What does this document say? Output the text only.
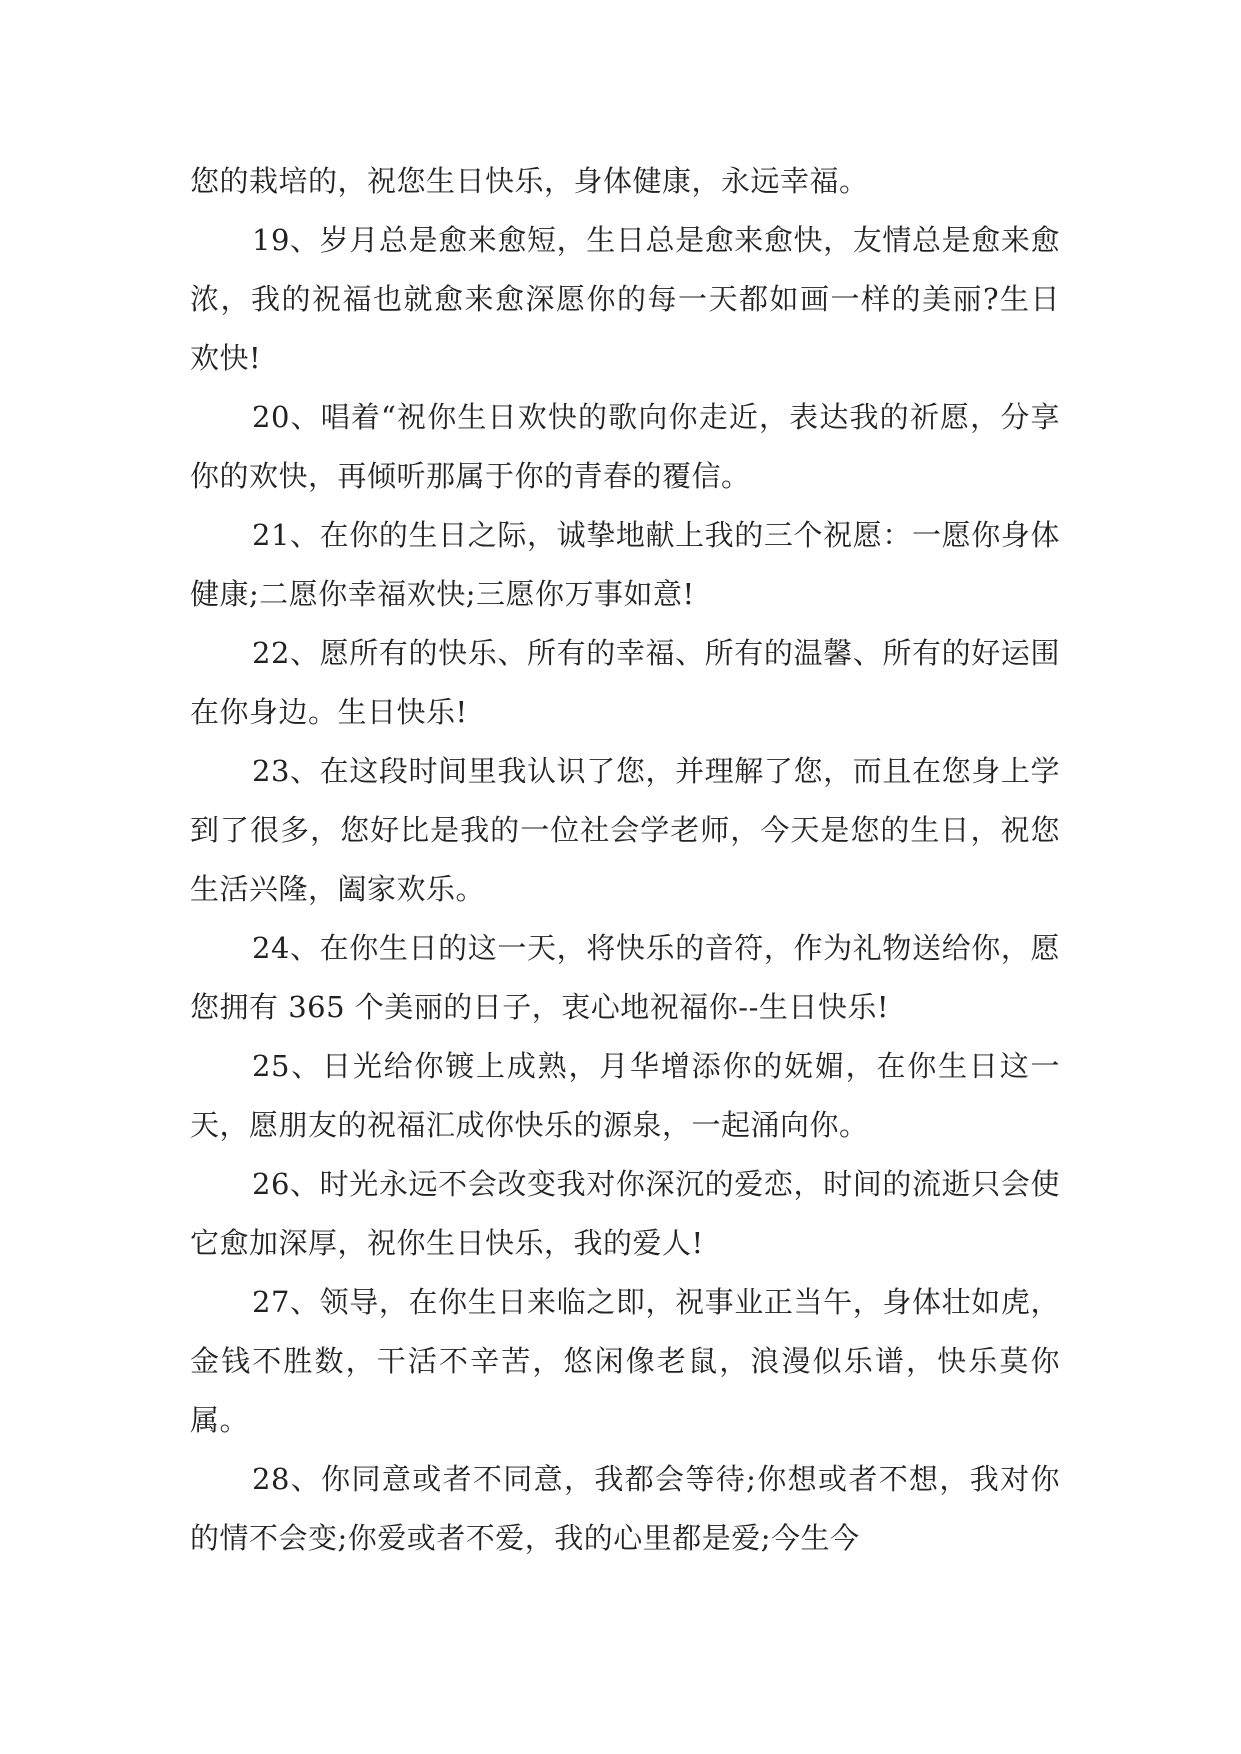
您的栽培的，祝您生日快乐，身体健康，永远幸福。

19、岁月总是愈来愈短，生日总是愈来愈快，友情总是愈来愈浓，我的祝福也就愈来愈深愿你的每一天都如画一样的美丽?生日欢快!

20、唱着“祝你生日欢快的歌向你走近，表达我的祈愿，分享你的欢快，再倾听那属于你的青春的覆信。

21、在你的生日之际，诚挚地献上我的三个祝愿：一愿你身体健康;二愿你幸福欢快;三愿你万事如意!

22、愿所有的快乐、所有的幸福、所有的温馨、所有的好运围在你身边。生日快乐!

23、在这段时间里我认识了您，并理解了您，而且在您身上学到了很多，您好比是我的一位社会学老师，今天是您的生日，祝您生活兴隆，阖家欢乐。

24、在你生日的这一天，将快乐的音符，作为礼物送给你，愿您拥有 365 个美丽的日子，衷心地祝福你--生日快乐!

25、日光给你镀上成熟，月华增添你的妩媚，在你生日这一天，愿朋友的祝福汇成你快乐的源泉，一起涌向你。

26、时光永远不会改变我对你深沉的爱恋，时间的流逝只会使它愈加深厚，祝你生日快乐，我的爱人!

27、领导，在你生日来临之即，祝事业正当午，身体壮如虎，金钱不胜数，干活不辛苦，悠闲像老鼠，浪漫似乐谱，快乐莫你属。

28、你同意或者不同意，我都会等待;你想或者不想，我对你的情不会变;你爱或者不爱，我的心里都是爱;今生今
